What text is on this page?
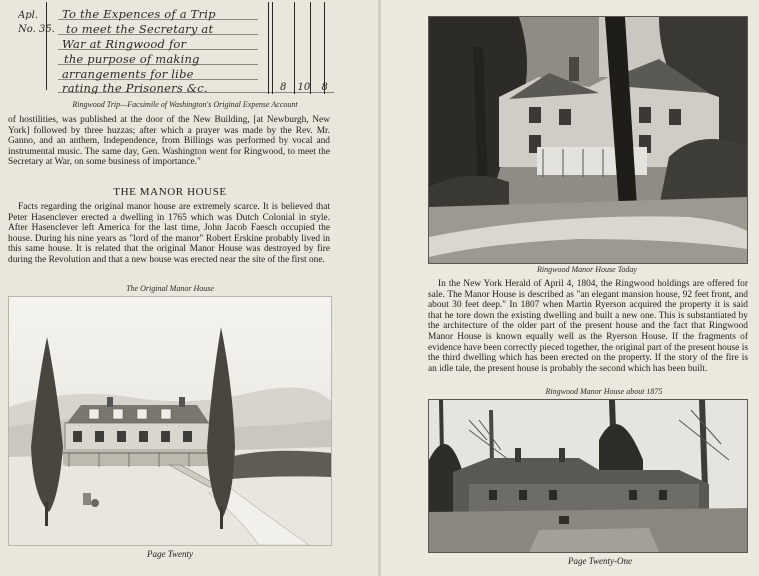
Apl.
No. 35.
To the Expences of a Trip
to meet the Secretary at
War at Ringwood for
the purpose of making
arrangements for libe
rating the Prisoners &c.	8 10 8
Ringwood Trip—Facsimile of Washington's Original Expense Account

of hostilities, was published at the door of the New Building, [at Newburgh, New York] followed by three huzzas; after which a prayer was made by the Rev. Mr. Ganno, and an anthem, Independence, from Billings was performed by vocal and instrumental music. The same day, Gen. Washington went for Ringwood, to meet the Secretary at War, on some business of importance."

THE MANOR HOUSE

Facts regarding the original manor house are extremely scarce. It is believed that Peter Hasenclever erected a dwelling in 1765 which was Dutch Colonial in style. After Hasenclever left America for the last time, John Jacob Faesch occupied the house. During his nine years as "lord of the manor" Robert Erskine probably lived in this same house. It is related that the original Manor House was destroyed by fire during the Revolution and that a new house was erected near the site of the first one.

The Original Manor House
Page Twenty
Ringwood Manor House Today

In the New York Herald of April 4, 1804, the Ringwood holdings are offered for sale. The Manor House is described as "an elegant mansion house, 92 feet front, and about 30 feet deep." In 1807 when Martin Ryerson acquired the property it is said that he tore down the existing dwelling and built a new one. This is substantiated by the architecture of the older part of the present house and the fact that Ringwood Manor House is known equally well as the Ryerson House. If the fragments of evidence have been correctly pieced together, the original part of the present house is the third dwelling which has been erected on the property. If the story of the fire is an idle tale, the present house is probably the second which has been built.

Ringwood Manor House about 1875
Page Twenty-One
